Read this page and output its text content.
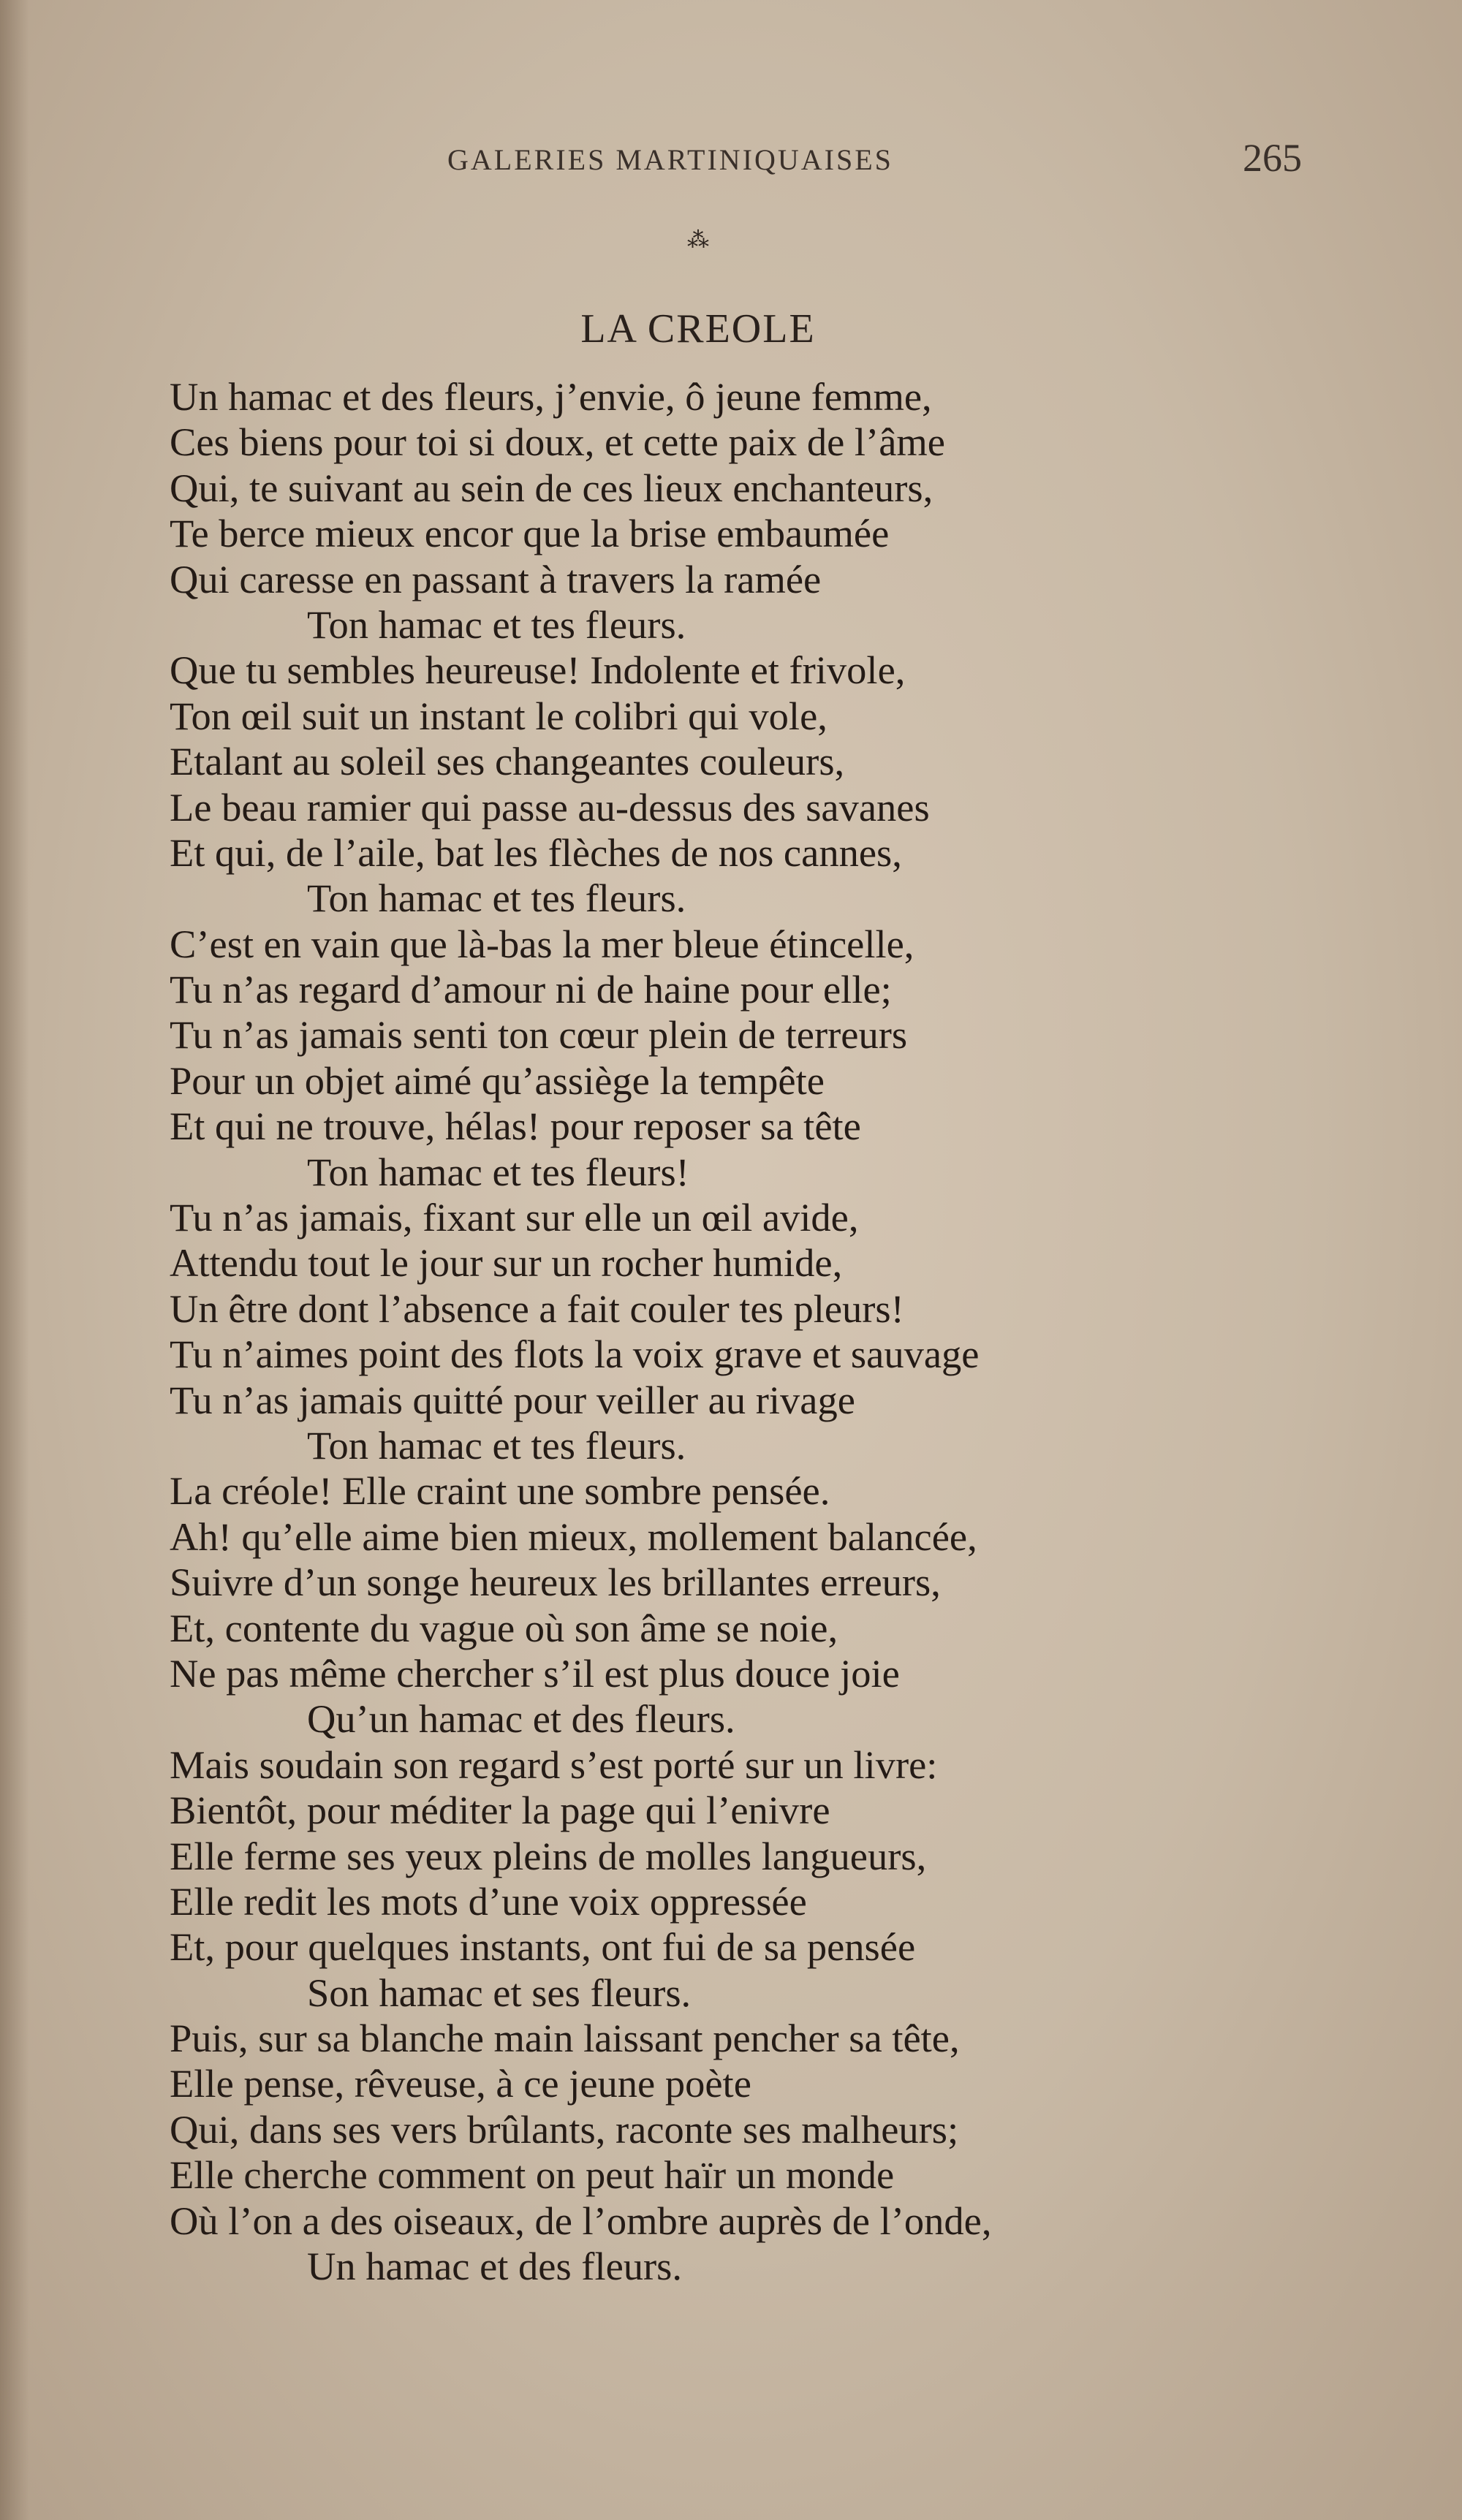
GALERIES MARTINIQUAISES	265
⁂
LA CREOLE
Un hamac et des fleurs, j’envie, ô jeune femme,
Ces biens pour toi si doux, et cette paix de l’âme
Qui, te suivant au sein de ces lieux enchanteurs,
Te berce mieux encor que la brise embaumée
Qui caresse en passant à travers la ramée
Ton hamac et tes fleurs.
Que tu sembles heureuse! Indolente et frivole,
Ton œil suit un instant le colibri qui vole,
Etalant au soleil ses changeantes couleurs,
Le beau ramier qui passe au-dessus des savanes
Et qui, de l’aile, bat les flèches de nos cannes,
Ton hamac et tes fleurs.
C’est en vain que là-bas la mer bleue étincelle,
Tu n’as regard d’amour ni de haine pour elle;
Tu n’as jamais senti ton cœur plein de terreurs
Pour un objet aimé qu’assiège la tempête
Et qui ne trouve, hélas! pour reposer sa tête
Ton hamac et tes fleurs!
Tu n’as jamais, fixant sur elle un œil avide,
Attendu tout le jour sur un rocher humide,
Un être dont l’absence a fait couler tes pleurs!
Tu n’aimes point des flots la voix grave et sauvage
Tu n’as jamais quitté pour veiller au rivage
Ton hamac et tes fleurs.
La créole! Elle craint une sombre pensée.
Ah! qu’elle aime bien mieux, mollement balancée,
Suivre d’un songe heureux les brillantes erreurs,
Et, contente du vague où son âme se noie,
Ne pas même chercher s’il est plus douce joie
Qu’un hamac et des fleurs.
Mais soudain son regard s’est porté sur un livre:
Bientôt, pour méditer la page qui l’enivre
Elle ferme ses yeux pleins de molles langueurs,
Elle redit les mots d’une voix oppressée
Et, pour quelques instants, ont fui de sa pensée
Son hamac et ses fleurs.
Puis, sur sa blanche main laissant pencher sa tête,
Elle pense, rêveuse, à ce jeune poète
Qui, dans ses vers brûlants, raconte ses malheurs;
Elle cherche comment on peut haïr un monde
Où l’on a des oiseaux, de l’ombre auprès de l’onde,
Un hamac et des fleurs.
